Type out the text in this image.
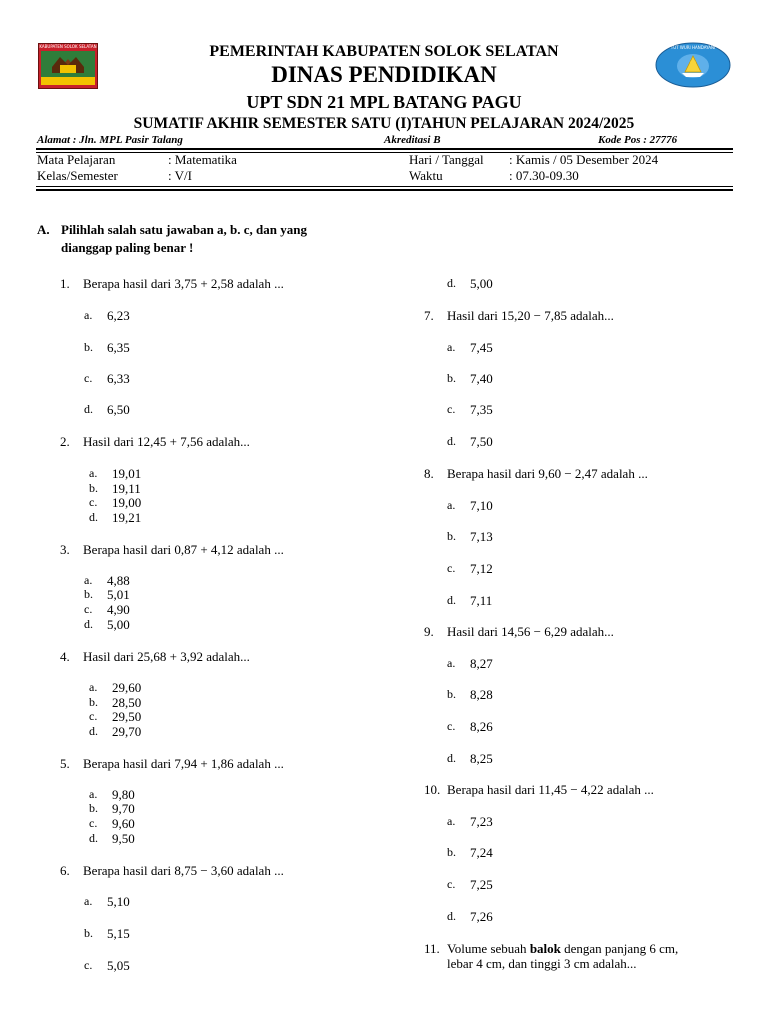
KABUPATEN SOLOK SELATAN	TUT WURI HANDAYANI
PEMERINTAH KABUPATEN SOLOK SELATAN
DINAS PENDIDIKAN
UPT SDN 21 MPL BATANG PAGU
SUMATIF AKHIR SEMESTER SATU (I)TAHUN PELAJARAN 2024/2025
Alamat : Jln. MPL Pasir Talang	Akreditasi B	Kode Pos : 27776
Mata Pelajaran	: Matematika
Kelas/Semester	: V/I
Hari / Tanggal : Kamis / 05 Desember 2024
Waktu	: 07.30-09.30
A. Pilihlah salah satu jawaban a, b. c, dan yang
dianggap paling benar !
1. Berapa hasil dari 3,75 + 2,58 adalah ...
a. 6,23
b. 6,35
c. 6,33
d. 6,50
2. Hasil dari 12,45 + 7,56 adalah...
a. 19,01
b. 19,11
c. 19,00
d. 19,21
3. Berapa hasil dari 0,87 + 4,12 adalah ...
a. 4,88
b. 5,01
c. 4,90
d. 5,00
4. Hasil dari 25,68 + 3,92 adalah...
a. 29,60
b. 28,50
c. 29,50
d. 29,70
5. Berapa hasil dari 7,94 + 1,86 adalah ...
a. 9,80
b. 9,70
c. 9,60
d. 9,50
6. Berapa hasil dari 8,75 − 3,60 adalah ...
a. 5,10
b. 5,15
c. 5,05
d. 5,00
7. Hasil dari 15,20 − 7,85 adalah...
a. 7,45
b. 7,40
c. 7,35
d. 7,50
8. Berapa hasil dari 9,60 − 2,47 adalah ...
a. 7,10
b. 7,13
c. 7,12
d. 7,11
9. Hasil dari 14,56 − 6,29 adalah...
a. 8,27
b. 8,28
c. 8,26
d. 8,25
10. Berapa hasil dari 11,45 − 4,22 adalah ...
a. 7,23
b. 7,24
c. 7,25
d. 7,26
11. Volume sebuah balok dengan panjang 6 cm,
lebar 4 cm, dan tinggi 3 cm adalah...
